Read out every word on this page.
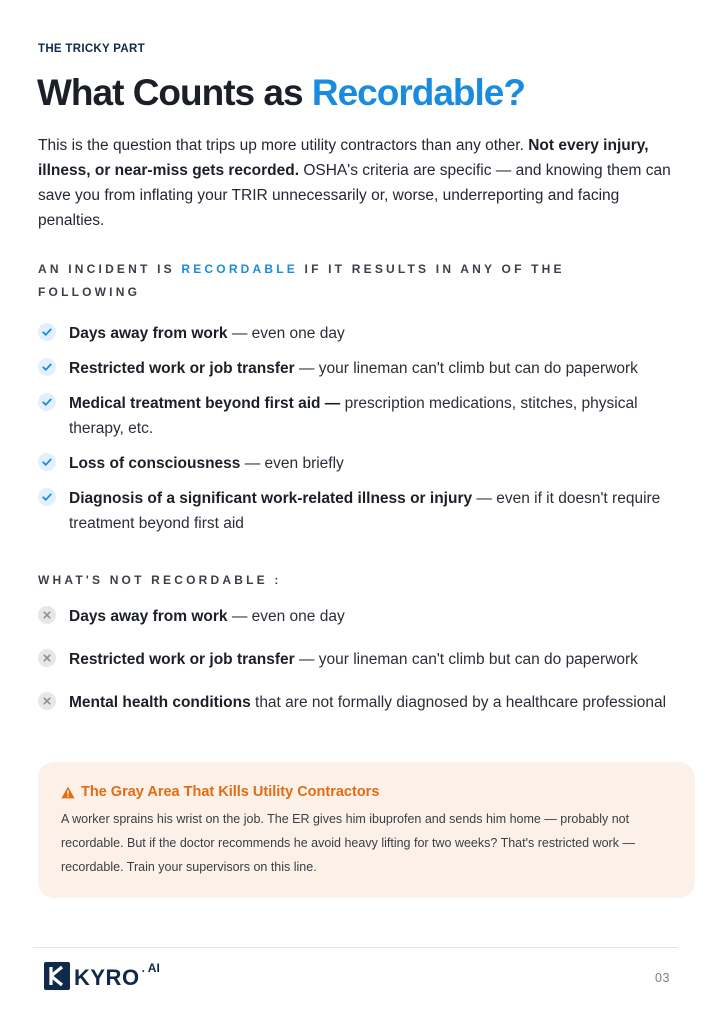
THE TRICKY PART
What Counts as Recordable?

This is the question that trips up more utility contractors than any other. Not every injury, illness, or near-miss gets recorded. OSHA's criteria are specific — and knowing them can save you from inflating your TRIR unnecessarily or, worse, underreporting and facing penalties.

AN INCIDENT IS RECORDABLE IF IT RESULTS IN ANY OF THE FOLLOWING

Days away from work — even one day
Restricted work or job transfer — your lineman can't climb but can do paperwork
Medical treatment beyond first aid — prescription medications, stitches, physical therapy, etc.
Loss of consciousness — even briefly
Diagnosis of a significant work-related illness or injury — even if it doesn't require treatment beyond first aid

WHAT'S NOT RECORDABLE :

Days away from work — even one day
Restricted work or job transfer — your lineman can't climb but can do paperwork
Mental health conditions that are not formally diagnosed by a healthcare professional

The Gray Area That Kills Utility Contractors

A worker sprains his wrist on the job. The ER gives him ibuprofen and sends him home — probably not recordable. But if the doctor recommends he avoid heavy lifting for two weeks? That's restricted work — recordable. Train your supervisors on this line.

KYRO . AI
03
